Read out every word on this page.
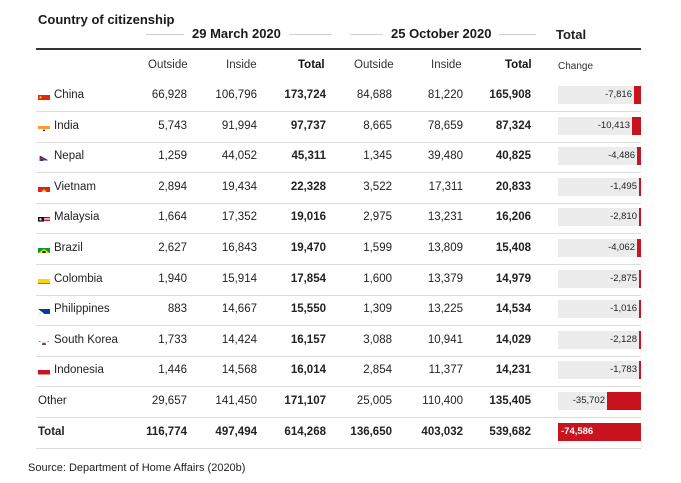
Country of citizenship
29 March 2020	25 October 2020	Total
Outside	Inside	Total	Outside	Inside	Total	Change
China	66,928 106,796 173,724	84,688	81,220 165,908	-7,816
India	5,743	91,994	97,737	8,665	78,659	87,324	-10,413
Nepal	1,259	44,052	45,311	1,345	39,480	40,825	-4,486
Vietnam	2,894	19,434	22,328	3,522	17,311	20,833	-1,495
Malaysia	1,664	17,352	19,016	2,975	13,231	16,206	-2,810
Brazil	2,627	16,843	19,470	1,599	13,809	15,408	-4,062
Colombia	1,940	15,914	17,854	1,600	13,379	14,979	-2,875
Philippines	883	14,667	15,550	1,309	13,225	14,534	-1,016
South Korea	1,733	14,424	16,157	3,088	10,941	14,029	-2,128
Indonesia	1,446	14,568	16,014	2,854	11,377	14,231	-1,783
Other	29,657 141,450 171,107	25,005	110,400 135,405	-35,702
Total	116,774 497,494 614,268 136,650	403,032 539,682	-74,586
Source: Department of Home Affairs (2020b)
